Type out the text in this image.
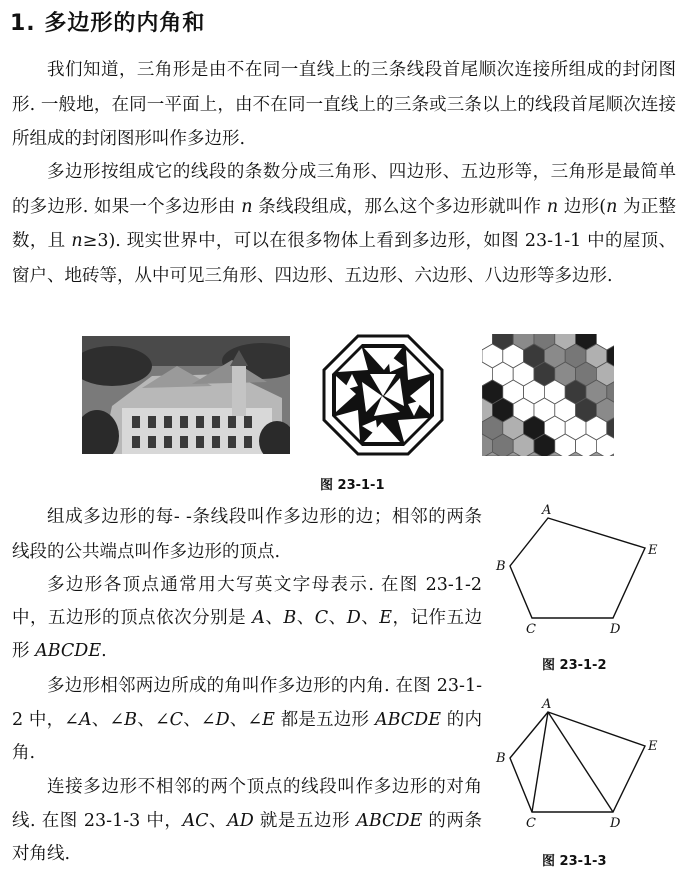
1. 多边形的内角和

我们知道，三角形是由不在同一直线上的三条线段首尾顺次连接所组成的封闭图形. 一般地，在同一平面上，由不在同一直线上的三条或三条以上的线段首尾顺次连接所组成的封闭图形叫作多边形.

多边形按组成它的线段的条数分成三角形、四边形、五边形等，三角形是最简单的多边形. 如果一个多边形由 n 条线段组成，那么这个多边形就叫作 n 边形(n 为正整数，且 n≥3). 现实世界中，可以在很多物体上看到多边形，如图 23-1-1 中的屋顶、窗户、地砖等，从中可见三角形、四边形、五边形、六边形、八边形等多边形.

图 23-1-1

组成多边形的每- -条线段叫作多边形的边；相邻的两条线段的公共端点叫作多边形的顶点.

多边形各顶点通常用大写英文字母表示. 在图 23-1-2 中，五边形的顶点依次分别是 A、B、C、D、E，记作五边形 ABCDE.

多边形相邻两边所成的角叫作多边形的内角. 在图 23-1-2 中，∠A、∠B、∠C、∠D、∠E 都是五边形 ABCDE 的内角.

连接多边形不相邻的两个顶点的线段叫作多边形的对角线. 在图 23-1-3 中，AC、AD 就是五边形 ABCDE 的两条对角线.

A
B
C	D
E
图 23-1-2
A
B
C	D
E
图 23-1-3
